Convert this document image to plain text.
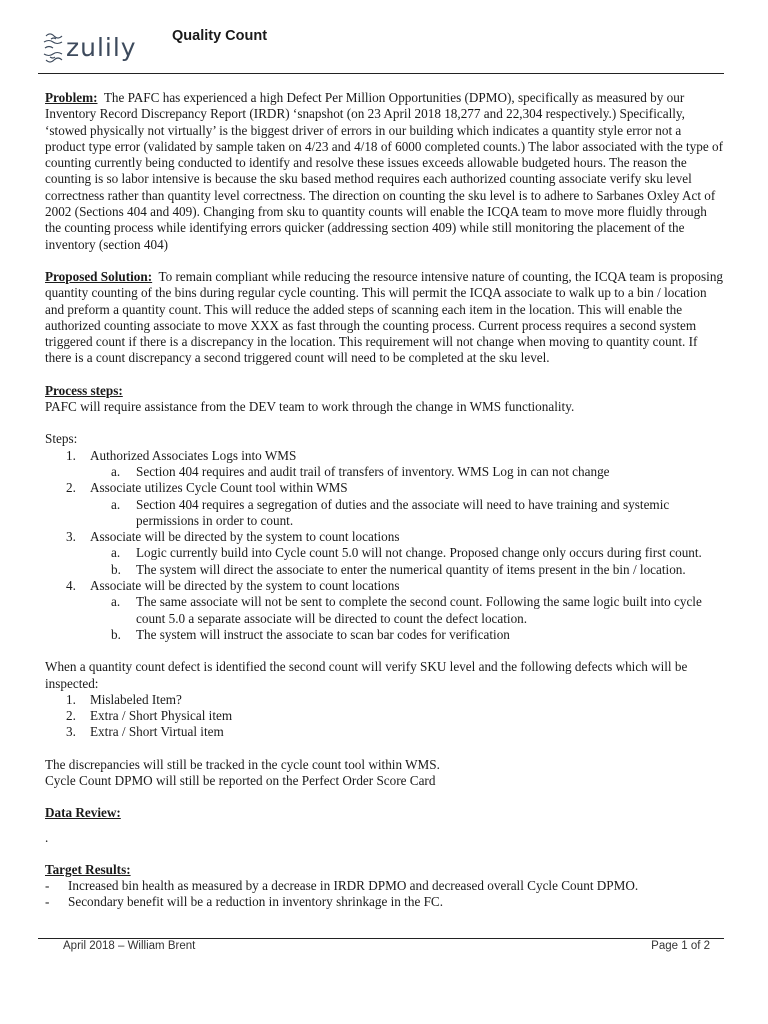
zulily Quality Count

Problem: The PAFC has experienced a high Defect Per Million Opportunities (DPMO), specifically as measured by our Inventory Record Discrepancy Report (IRDR) ‘snapshot (on 23 April 2018 18,277 and 22,304 respectively.) Specifically, ‘stowed physically not virtually’ is the biggest driver of errors in our building which indicates a quantity style error not a product type error (validated by sample taken on 4/23 and 4/18 of 6000 completed counts.) The labor associated with the type of counting currently being conducted to identify and resolve these issues exceeds allowable budgeted hours. The reason the counting is so labor intensive is because the sku based method requires each authorized counting associate verify sku level correctness rather than quantity level correctness. The direction on counting the sku level is to adhere to Sarbanes Oxley Act of 2002 (Sections 404 and 409). Changing from sku to quantity counts will enable the ICQA team to move more fluidly through the counting process while identifying errors quicker (addressing section 409) while still monitoring the placement of the inventory (section 404)

Proposed Solution: To remain compliant while reducing the resource intensive nature of counting, the ICQA team is proposing quantity counting of the bins during regular cycle counting. This will permit the ICQA associate to walk up to a bin / location and preform a quantity count. This will reduce the added steps of scanning each item in the location. This will enable the authorized counting associate to move XXX as fast through the counting process. Current process requires a second system triggered count if there is a discrepancy in the location. This requirement will not change when moving to quantity count. If there is a count discrepancy a second triggered count will need to be completed at the sku level.

Process steps:

PAFC will require assistance from the DEV team to work through the change in WMS functionality.

Steps:

1. Authorized Associates Logs into WMS
a. Section 404 requires and audit trail of transfers of inventory. WMS Log in can not change
2. Associate utilizes Cycle Count tool within WMS
a. Section 404 requires a segregation of duties and the associate will need to have training and systemic permissions in order to count.
3. Associate will be directed by the system to count locations
a. Logic currently build into Cycle count 5.0 will not change. Proposed change only occurs during first count.
b. The system will direct the associate to enter the numerical quantity of items present in the bin / location.
4. Associate will be directed by the system to count locations
a. The same associate will not be sent to complete the second count. Following the same logic built into cycle count 5.0 a separate associate will be directed to count the defect location.
b. The system will instruct the associate to scan bar codes for verification

When a quantity count defect is identified the second count will verify SKU level and the following defects which will be inspected:

1. Mislabeled Item?
2. Extra / Short Physical item
3. Extra / Short Virtual item

The discrepancies will still be tracked in the cycle count tool within WMS.

Cycle Count DPMO will still be reported on the Perfect Order Score Card

Data Review:

.

Target Results:

- Increased bin health as measured by a decrease in IRDR DPMO and decreased overall Cycle Count DPMO.
- Secondary benefit will be a reduction in inventory shrinkage in the FC.
April 2018 – William Brent	Page 1 of 2
